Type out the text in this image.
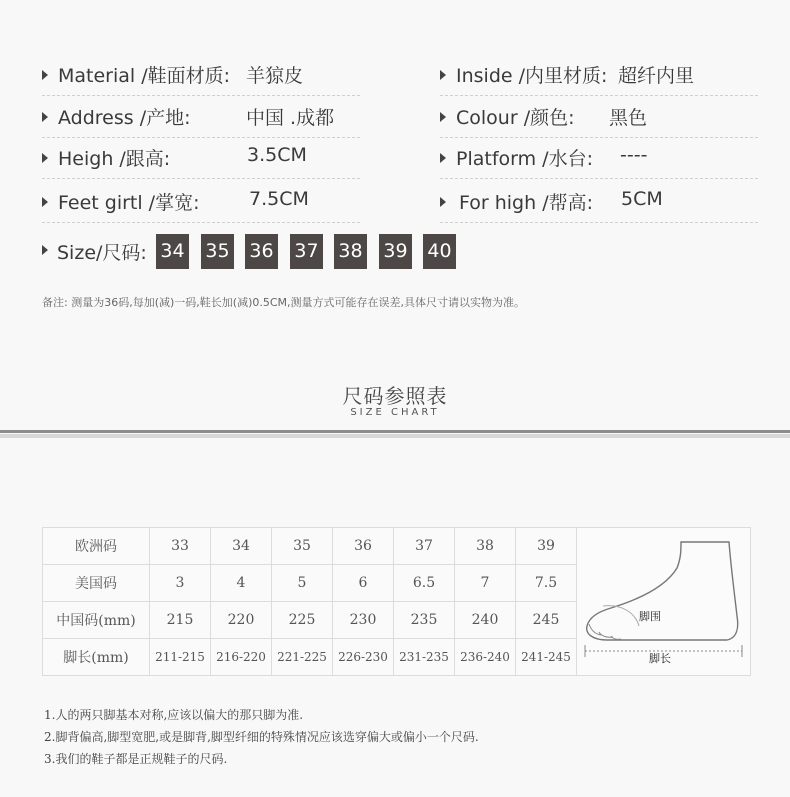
Material /鞋面材质: 羊猄皮
Address /产地:	中国 .成都
Heigh /跟高:	3.5CM
Feet girtl /掌宽:	7.5CM
Inside /内里材质: 超纤内里
Colour /颜色: 黑色
Platform /水台: ----
For high /帮高: 5CM
Size/尺码: 34 35 36 37 38 39 40
备注: 测量为36码,每加(减)一码,鞋长加(减)0.5CM,测量方式可能存在误差,具体尺寸请以实物为准。
尺码参照表
SIZE CHART
欧洲码	33	34	35	36	37	38	39	脚围
脚长

美国码	3	4	5	6	6.5	7	7.5	
中国码(mm)	215	220	225	230	235	240	245	
脚长(mm)	211-215	216-220	221-225	226-230	231-235	236-240	241-245	
1.人的两只脚基本对称,应该以偏大的那只脚为准.
2.脚背偏高,脚型宽肥,或是脚背,脚型纤细的特殊情况应该选穿偏大或偏小一个尺码.
3.我们的鞋子都是正规鞋子的尺码.
